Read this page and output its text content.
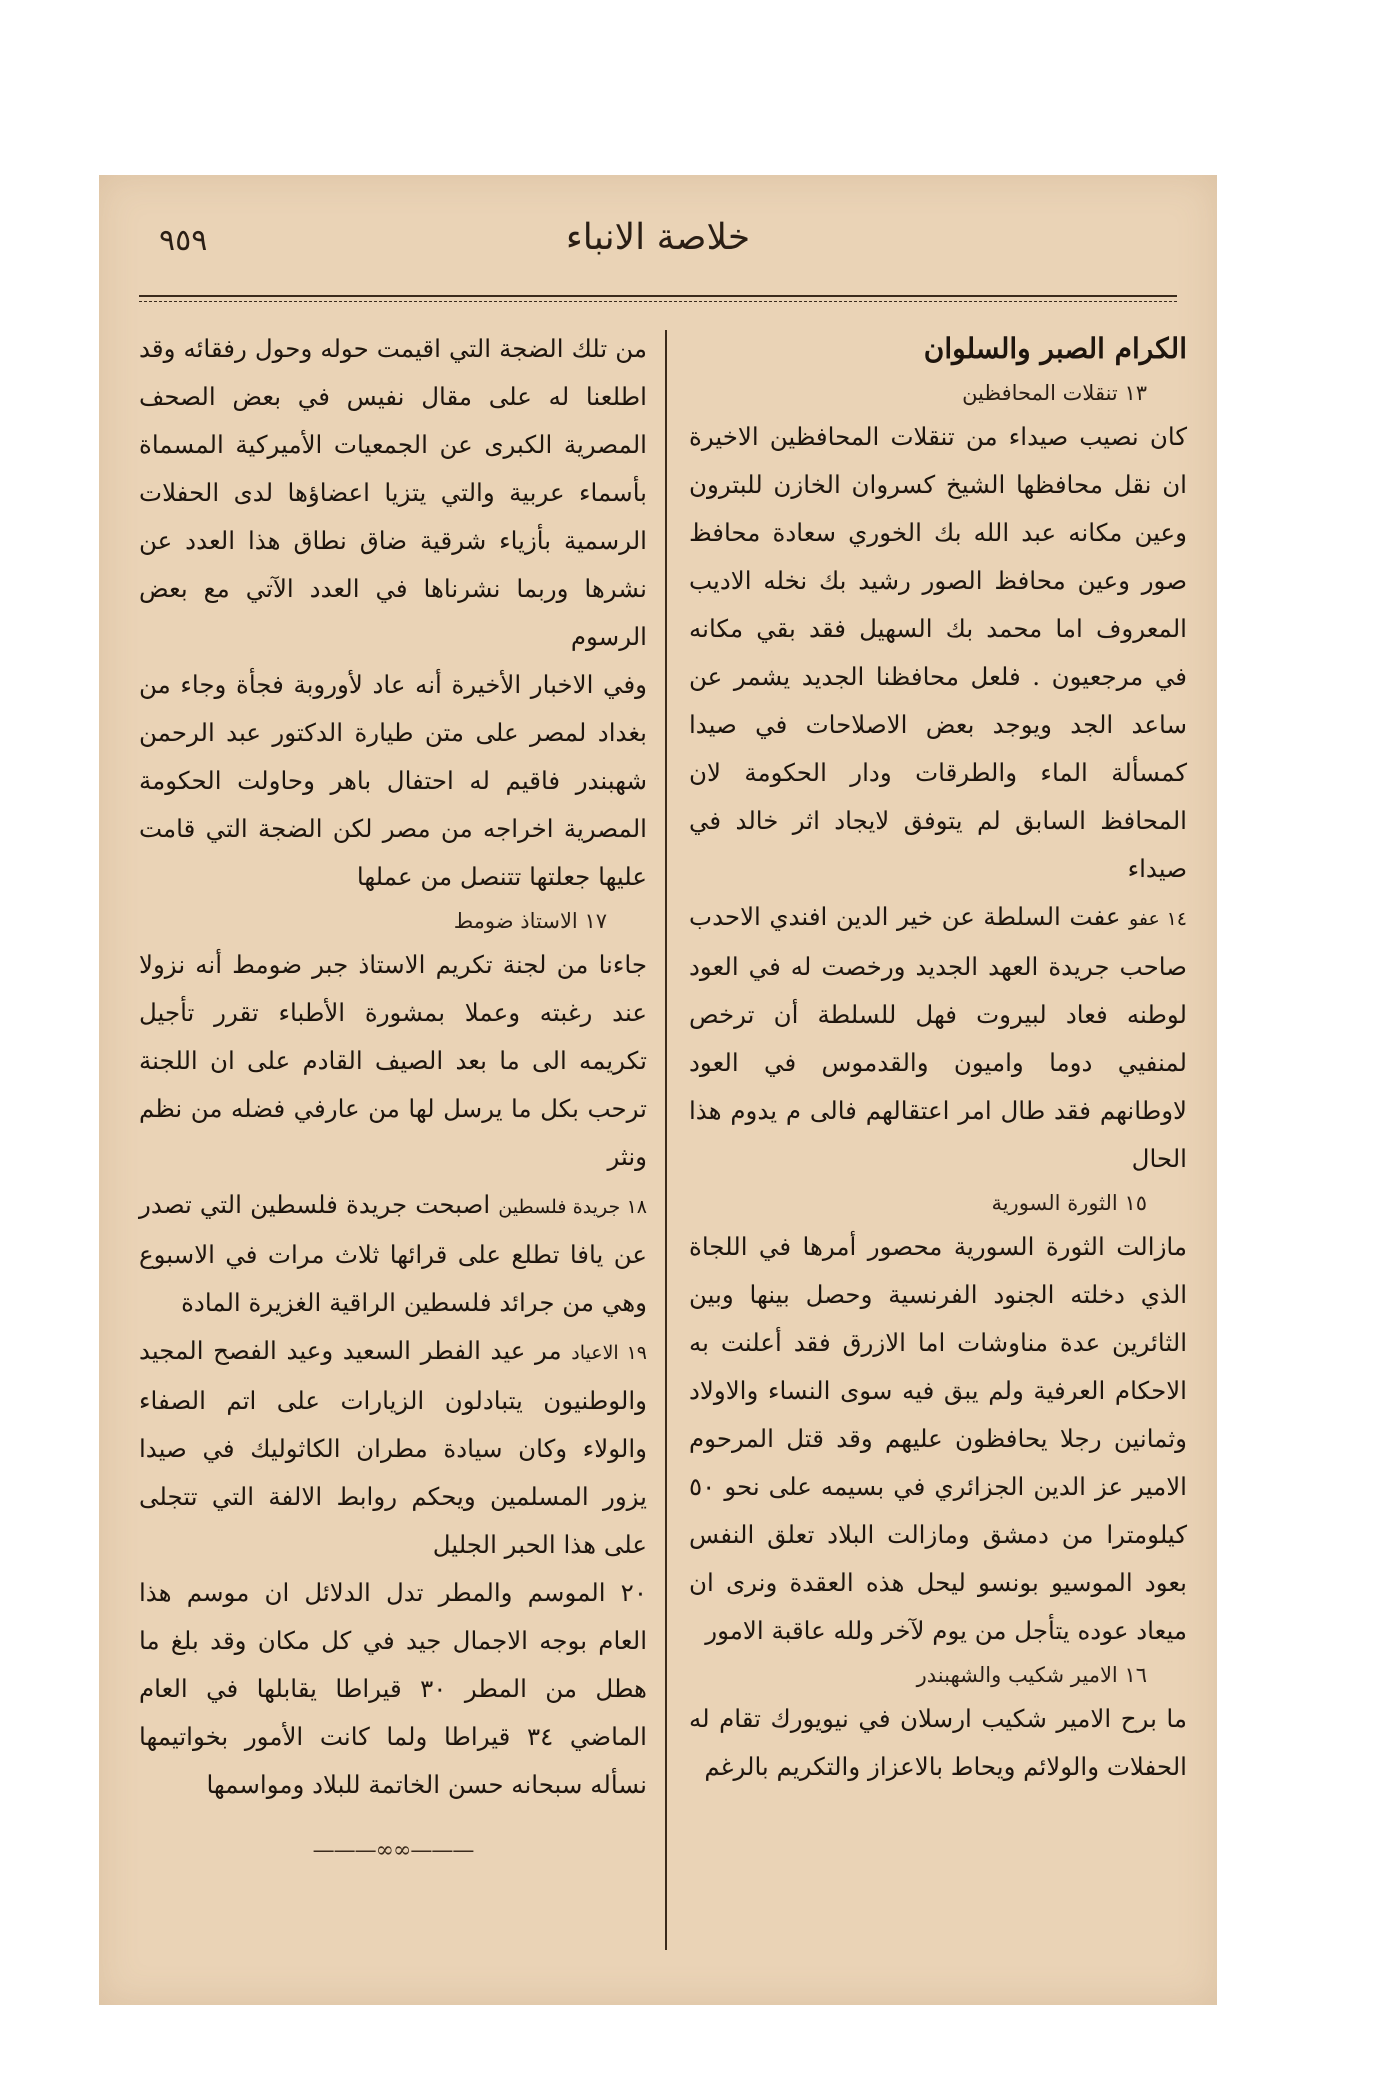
٩٥٩	خلاصة الانباء

الكرام الصبر والسلوان

١٣ تنقلات المحافظين

كان نصيب صيداء من تنقلات المحافظين الاخيرة ان نقل محافظها الشيخ كسروان الخازن للبترون وعين مكانه عبد الله بك الخوري سعادة محافظ صور وعين محافظ الصور رشيد بك نخله الاديب المعروف اما محمد بك السهيل فقد بقي مكانه في مرجعيون . فلعل محافظنا الجديد يشمر عن ساعد الجد ويوجد بعض الاصلاحات في صيدا كمسألة الماء والطرقات ودار الحكومة لان المحافظ السابق لم يتوفق لايجاد اثر خالد في صيداء

١٤ عفو عفت السلطة عن خير الدين افندي الاحدب صاحب جريدة العهد الجديد ورخصت له في العود لوطنه فعاد لبيروت فهل للسلطة أن ترخص لمنفيي دوما واميون والقدموس في العود لاوطانهم فقد طال امر اعتقالهم فالى م يدوم هذا الحال

١٥ الثورة السورية

مازالت الثورة السورية محصور أمرها في اللجاة الذي دخلته الجنود الفرنسية وحصل بينها وبين الثائرين عدة مناوشات اما الازرق فقد أعلنت به الاحكام العرفية ولم يبق فيه سوى النساء والاولاد وثمانين رجلا يحافظون عليهم وقد قتل المرحوم الامير عز الدين الجزائري في بسيمه على نحو ٥٠ كيلومترا من دمشق ومازالت البلاد تعلق النفس بعود الموسيو بونسو ليحل هذه العقدة ونرى ان ميعاد عوده يتأجل من يوم لآخر ولله عاقبة الامور

١٦ الامير شكيب والشهبندر

ما برح الامير شكيب ارسلان في نيويورك تقام له الحفلات والولائم ويحاط بالاعزاز والتكريم بالرغم

من تلك الضجة التي اقيمت حوله وحول رفقائه وقد اطلعنا له على مقال نفيس في بعض الصحف المصرية الكبرى عن الجمعيات الأميركية المسماة بأسماء عربية والتي يتزيا اعضاؤها لدى الحفلات الرسمية بأزياء شرقية ضاق نطاق هذا العدد عن نشرها وربما نشرناها في العدد الآتي مع بعض الرسوم

وفي الاخبار الأخيرة أنه عاد لأوروبة فجأة وجاء من بغداد لمصر على متن طيارة الدكتور عبد الرحمن شهبندر فاقيم له احتفال باهر وحاولت الحكومة المصرية اخراجه من مصر لكن الضجة التي قامت عليها جعلتها تتنصل من عملها

١٧ الاستاذ ضومط

جاءنا من لجنة تكريم الاستاذ جبر ضومط أنه نزولا عند رغبته وعملا بمشورة الأطباء تقرر تأجيل تكريمه الى ما بعد الصيف القادم على ان اللجنة ترحب بكل ما يرسل لها من عارفي فضله من نظم ونثر

١٨ جريدة فلسطين اصبحت جريدة فلسطين التي تصدر عن يافا تطلع على قرائها ثلاث مرات في الاسبوع وهي من جرائد فلسطين الراقية الغزيرة المادة

١٩ الاعياد مر عيد الفطر السعيد وعيد الفصح المجيد والوطنيون يتبادلون الزيارات على اتم الصفاء والولاء وكان سيادة مطران الكاثوليك في صيدا يزور المسلمين ويحكم روابط الالفة التي تتجلى على هذا الحبر الجليل

٢٠ الموسم والمطر تدل الدلائل ان موسم هذا العام بوجه الاجمال جيد في كل مكان وقد بلغ ما هطل من المطر ٣٠ قيراطا يقابلها في العام الماضي ٣٤ قيراطا ولما كانت الأمور بخواتيمها نسأله سبحانه حسن الخاتمة للبلاد ومواسمها

———∞∞———
